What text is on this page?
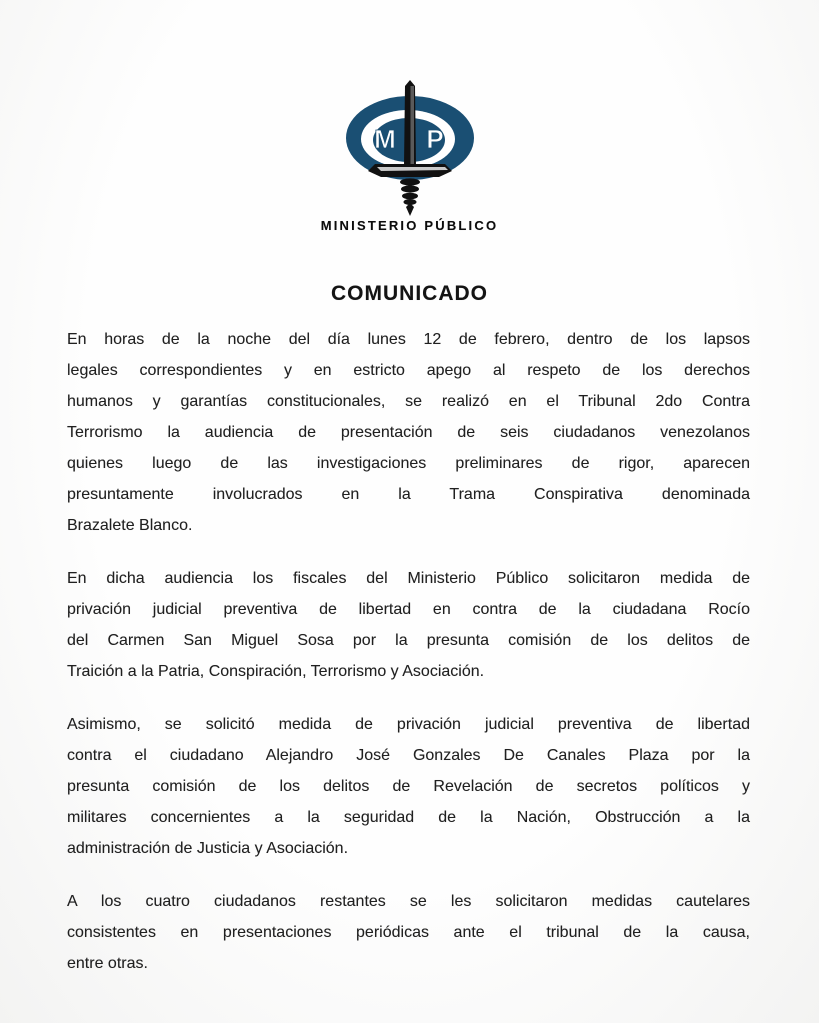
M P
MINISTERIO PÚBLICO
COMUNICADO

En horas de la noche del día lunes 12 de febrero, dentro de los lapsos
legales correspondientes y en estricto apego al respeto de los derechos
humanos y garantías constitucionales, se realizó en el Tribunal 2do Contra
Terrorismo la audiencia de presentación de seis ciudadanos venezolanos
quienes luego de las investigaciones preliminares de rigor, aparecen
presuntamente involucrados en la Trama Conspirativa denominada
Brazalete Blanco.

En dicha audiencia los fiscales del Ministerio Público solicitaron medida de
privación judicial preventiva de libertad en contra de la ciudadana Rocío
del Carmen San Miguel Sosa por la presunta comisión de los delitos de
Traición a la Patria, Conspiración, Terrorismo y Asociación.

Asimismo, se solicitó medida de privación judicial preventiva de libertad
contra el ciudadano Alejandro José Gonzales De Canales Plaza por la
presunta comisión de los delitos de Revelación de secretos políticos y
militares concernientes a la seguridad de la Nación, Obstrucción a la
administración de Justicia y Asociación.

A los cuatro ciudadanos restantes se les solicitaron medidas cautelares
consistentes en presentaciones periódicas ante el tribunal de la causa,
entre otras.
